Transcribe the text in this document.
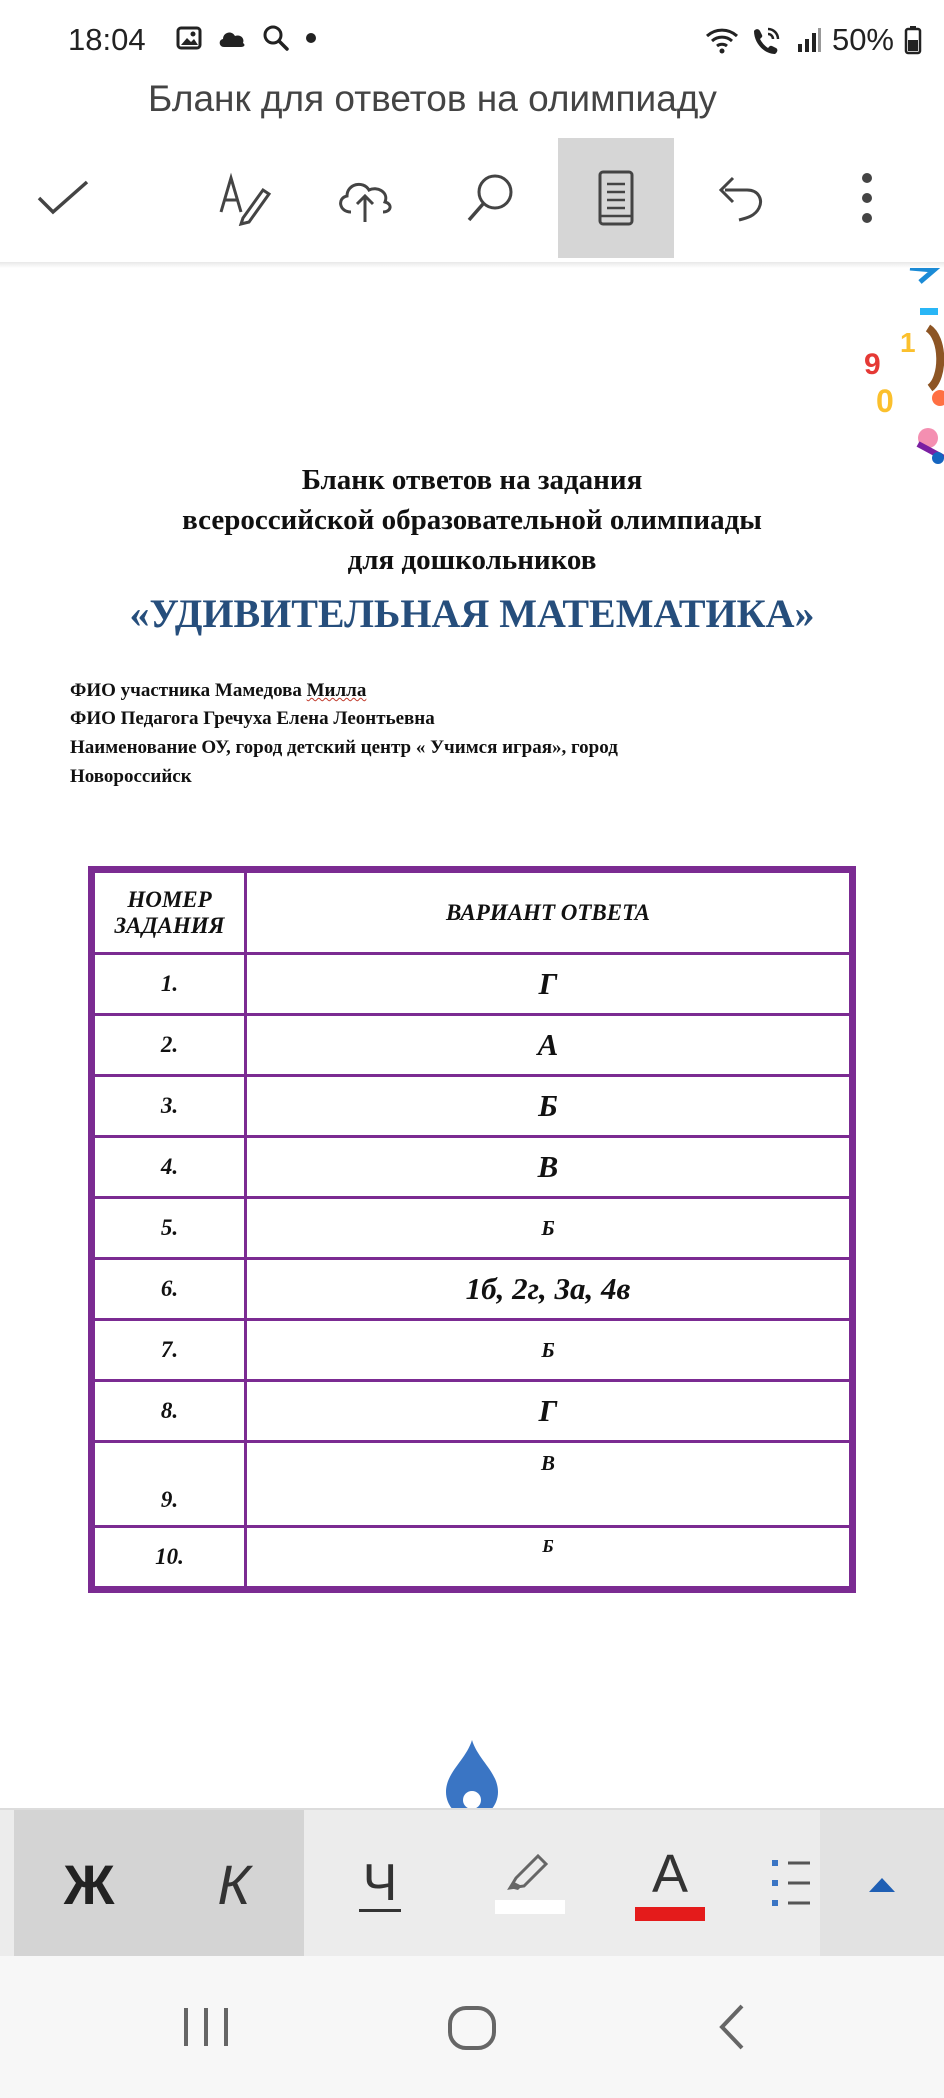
18:04	50%
Бланк для ответов на олимпиаду
9
1
0
Бланк ответов на задания
всероссийской образовательной олимпиады
для дошкольников
«УДИВИТЕЛЬНАЯ МАТЕМАТИКА»
ФИО участника Мамедова Милла
ФИО Педагога Гречуха Елена Леонтьевна
Наименование ОУ, город детский центр « Учимся играя», город
Новороссийск
НОМЕР
ЗАДАНИЯ	ВАРИАНТ ОТВЕТА
1.	Г
2.	А
3.	Б
4.	В
5.	Б
6.	1б, 2г, 3а, 4в
7.	Б
8.	Г
9.	В
10.	Б
Ж	К	Ч	A
